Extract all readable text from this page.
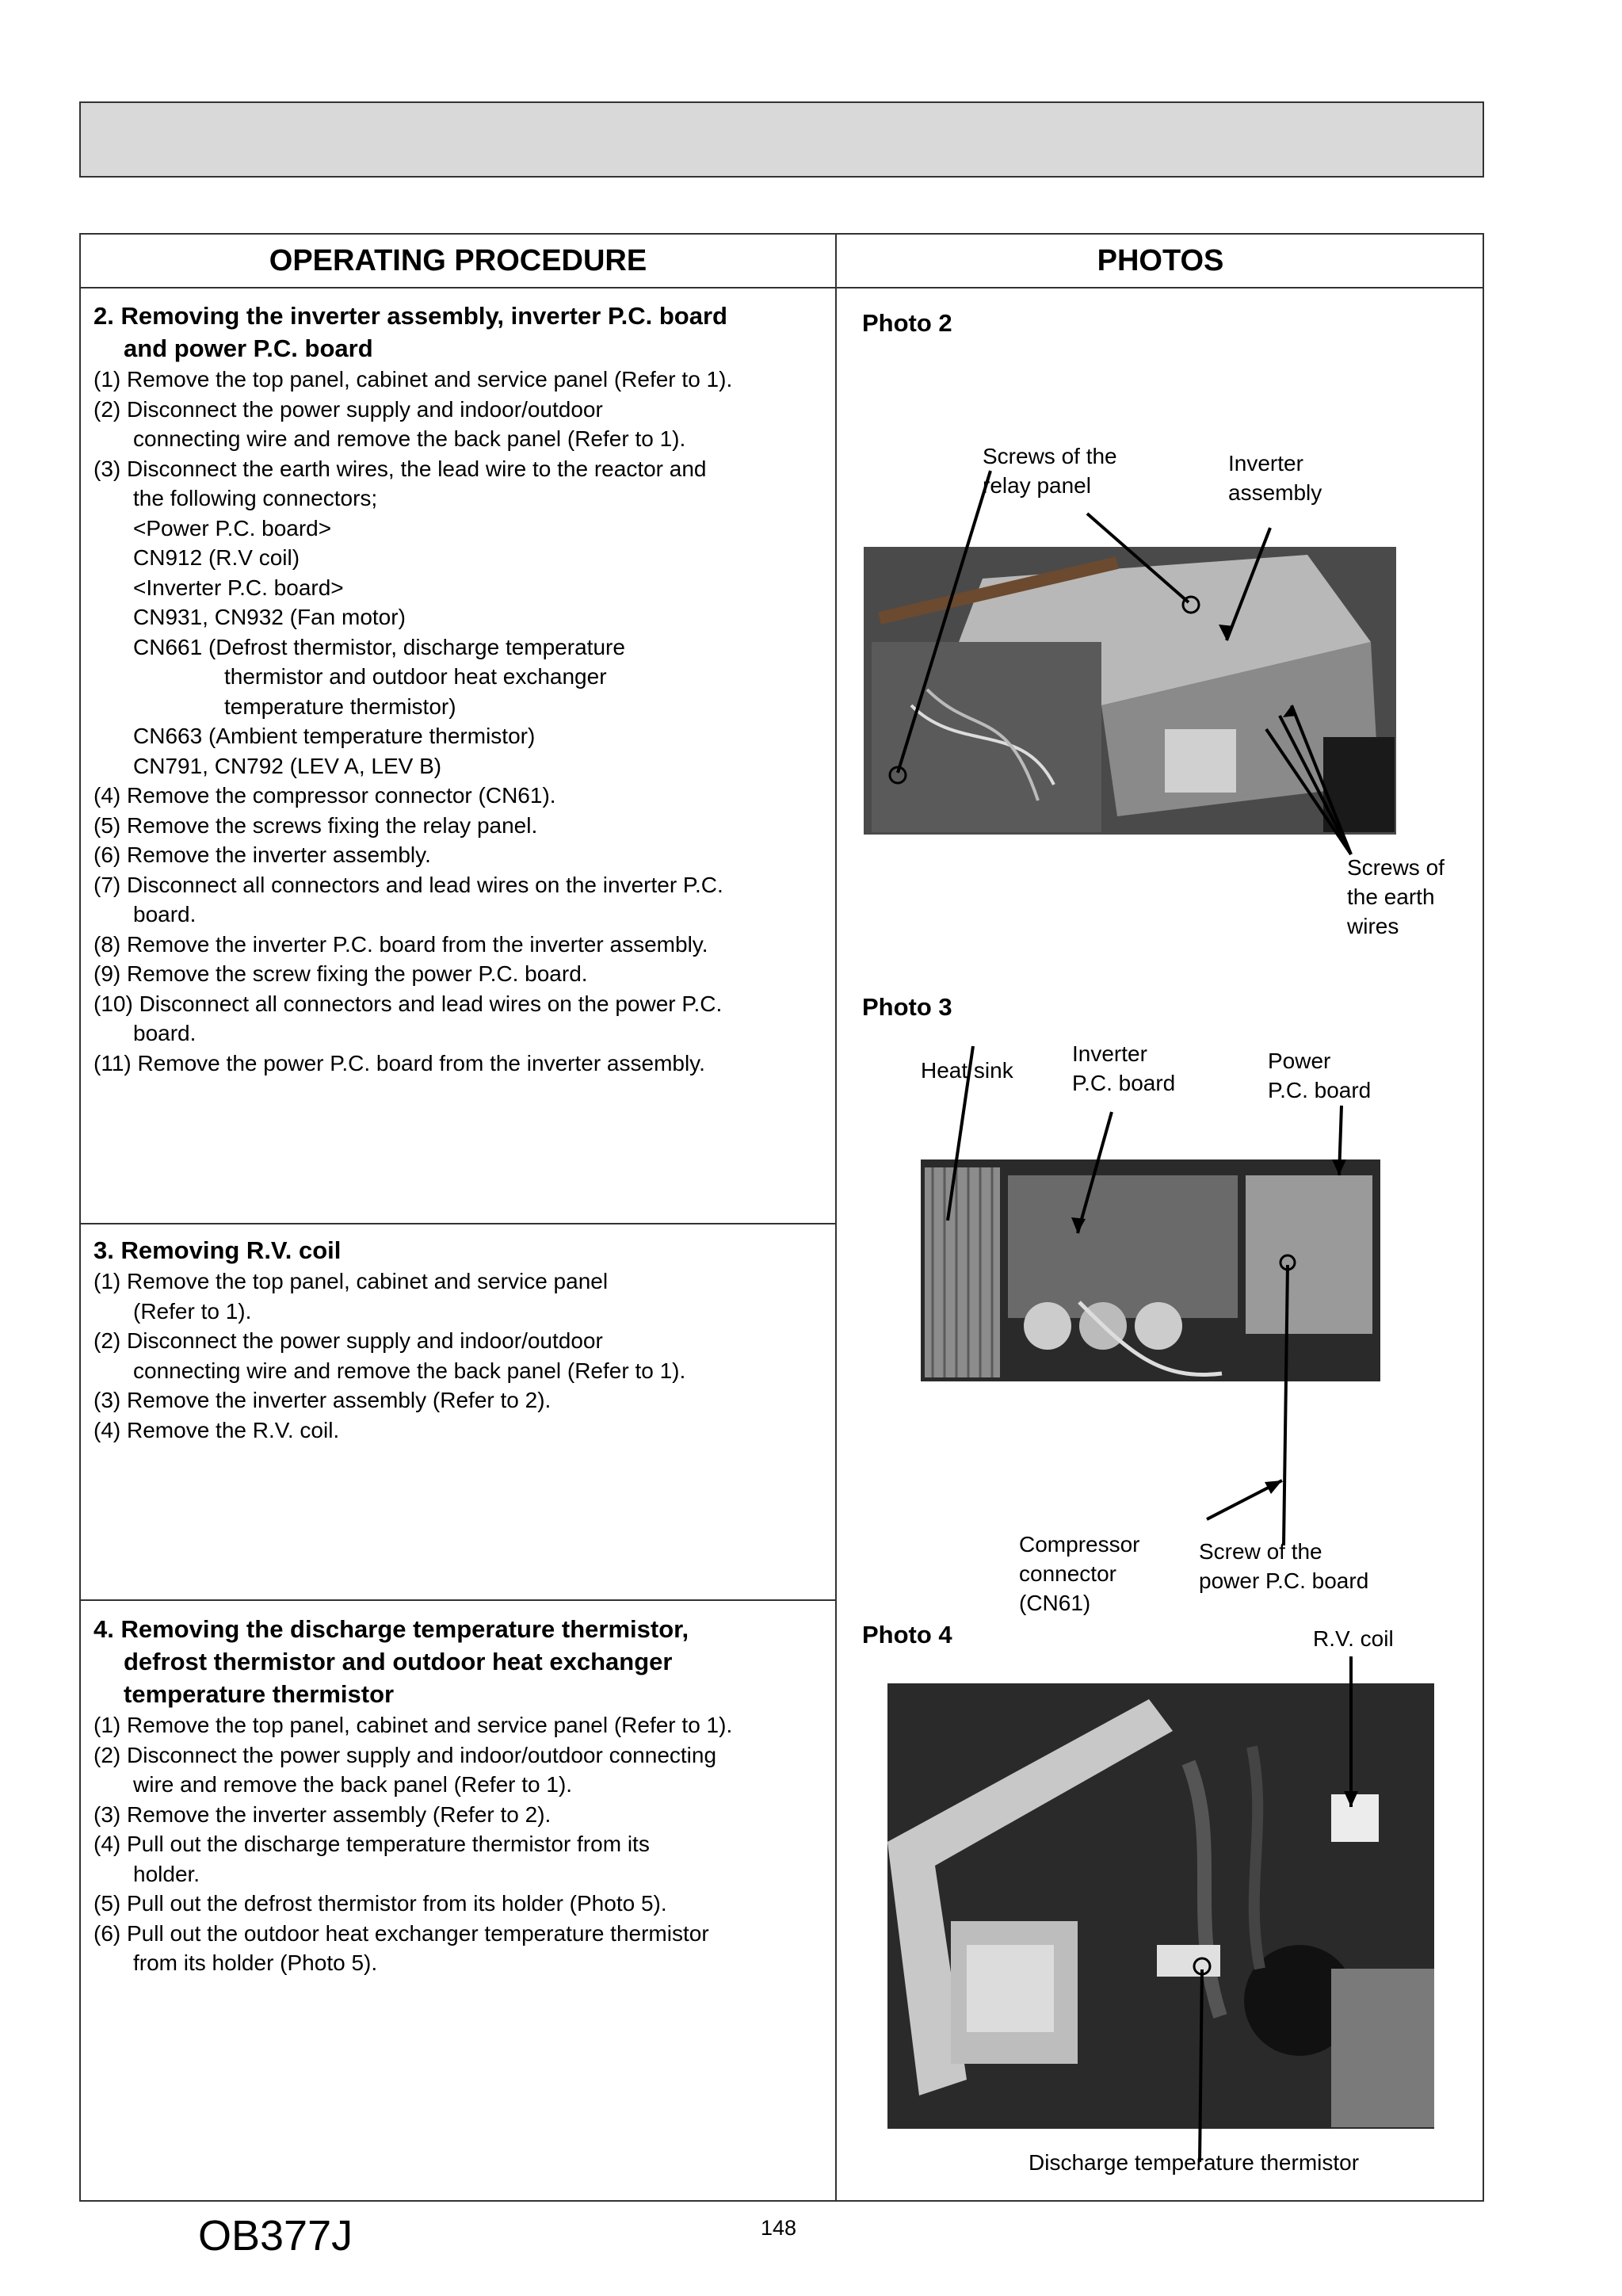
OPERATING PROCEDURE	PHOTOS
2. Removing the inverter assembly, inverter P.C. board
and power P.C. board
(1) Remove the top panel, cabinet and service panel (Refer to 1).
(2) Disconnect the power supply and indoor/outdoor
connecting wire and remove the back panel (Refer to 1).
(3) Disconnect the earth wires, the lead wire to the reactor and
the following connectors;
<Power P.C. board>
CN912 (R.V coil)
<Inverter P.C. board>
CN931, CN932 (Fan motor)
CN661 (Defrost thermistor, discharge temperature
thermistor and outdoor heat exchanger
temperature thermistor)
CN663 (Ambient temperature thermistor)
CN791, CN792 (LEV A, LEV B)
(4) Remove the compressor connector (CN61).
(5) Remove the screws fixing the relay panel.
(6) Remove the inverter assembly.
(7) Disconnect all connectors and lead wires on the inverter P.C.
board.
(8) Remove the inverter P.C. board from the inverter assembly.
(9) Remove the screw fixing the power P.C. board.
(10) Disconnect all connectors and lead wires on the power P.C.
board.
(11) Remove the power P.C. board from the inverter assembly.
3. Removing R.V. coil
(1) Remove the top panel, cabinet and service panel
(Refer to 1).
(2) Disconnect the power supply and indoor/outdoor
connecting wire and remove the back panel (Refer to 1).
(3) Remove the inverter assembly (Refer to 2).
(4) Remove the R.V. coil.
4. Removing the discharge temperature thermistor,
defrost thermistor and outdoor heat exchanger
temperature thermistor
(1) Remove the top panel, cabinet and service panel (Refer to 1).
(2) Disconnect the power supply and indoor/outdoor connecting
wire and remove the back panel (Refer to 1).
(3) Remove the inverter assembly (Refer to 2).
(4) Pull out the discharge temperature thermistor from its
holder.
(5) Pull out the defrost thermistor from its holder (Photo 5).
(6) Pull out the outdoor heat exchanger temperature thermistor
from its holder (Photo 5).
Photo 2
Photo 3
Photo 4
Screws of the
relay panel
Inverter
assembly
Screws of
the earth
wires
Heat sink
Inverter
P.C. board
Power
P.C. board
Compressor
connector
(CN61)
Screw of the
power P.C. board
R.V. coil
Discharge temperature thermistor
OB377J	148
